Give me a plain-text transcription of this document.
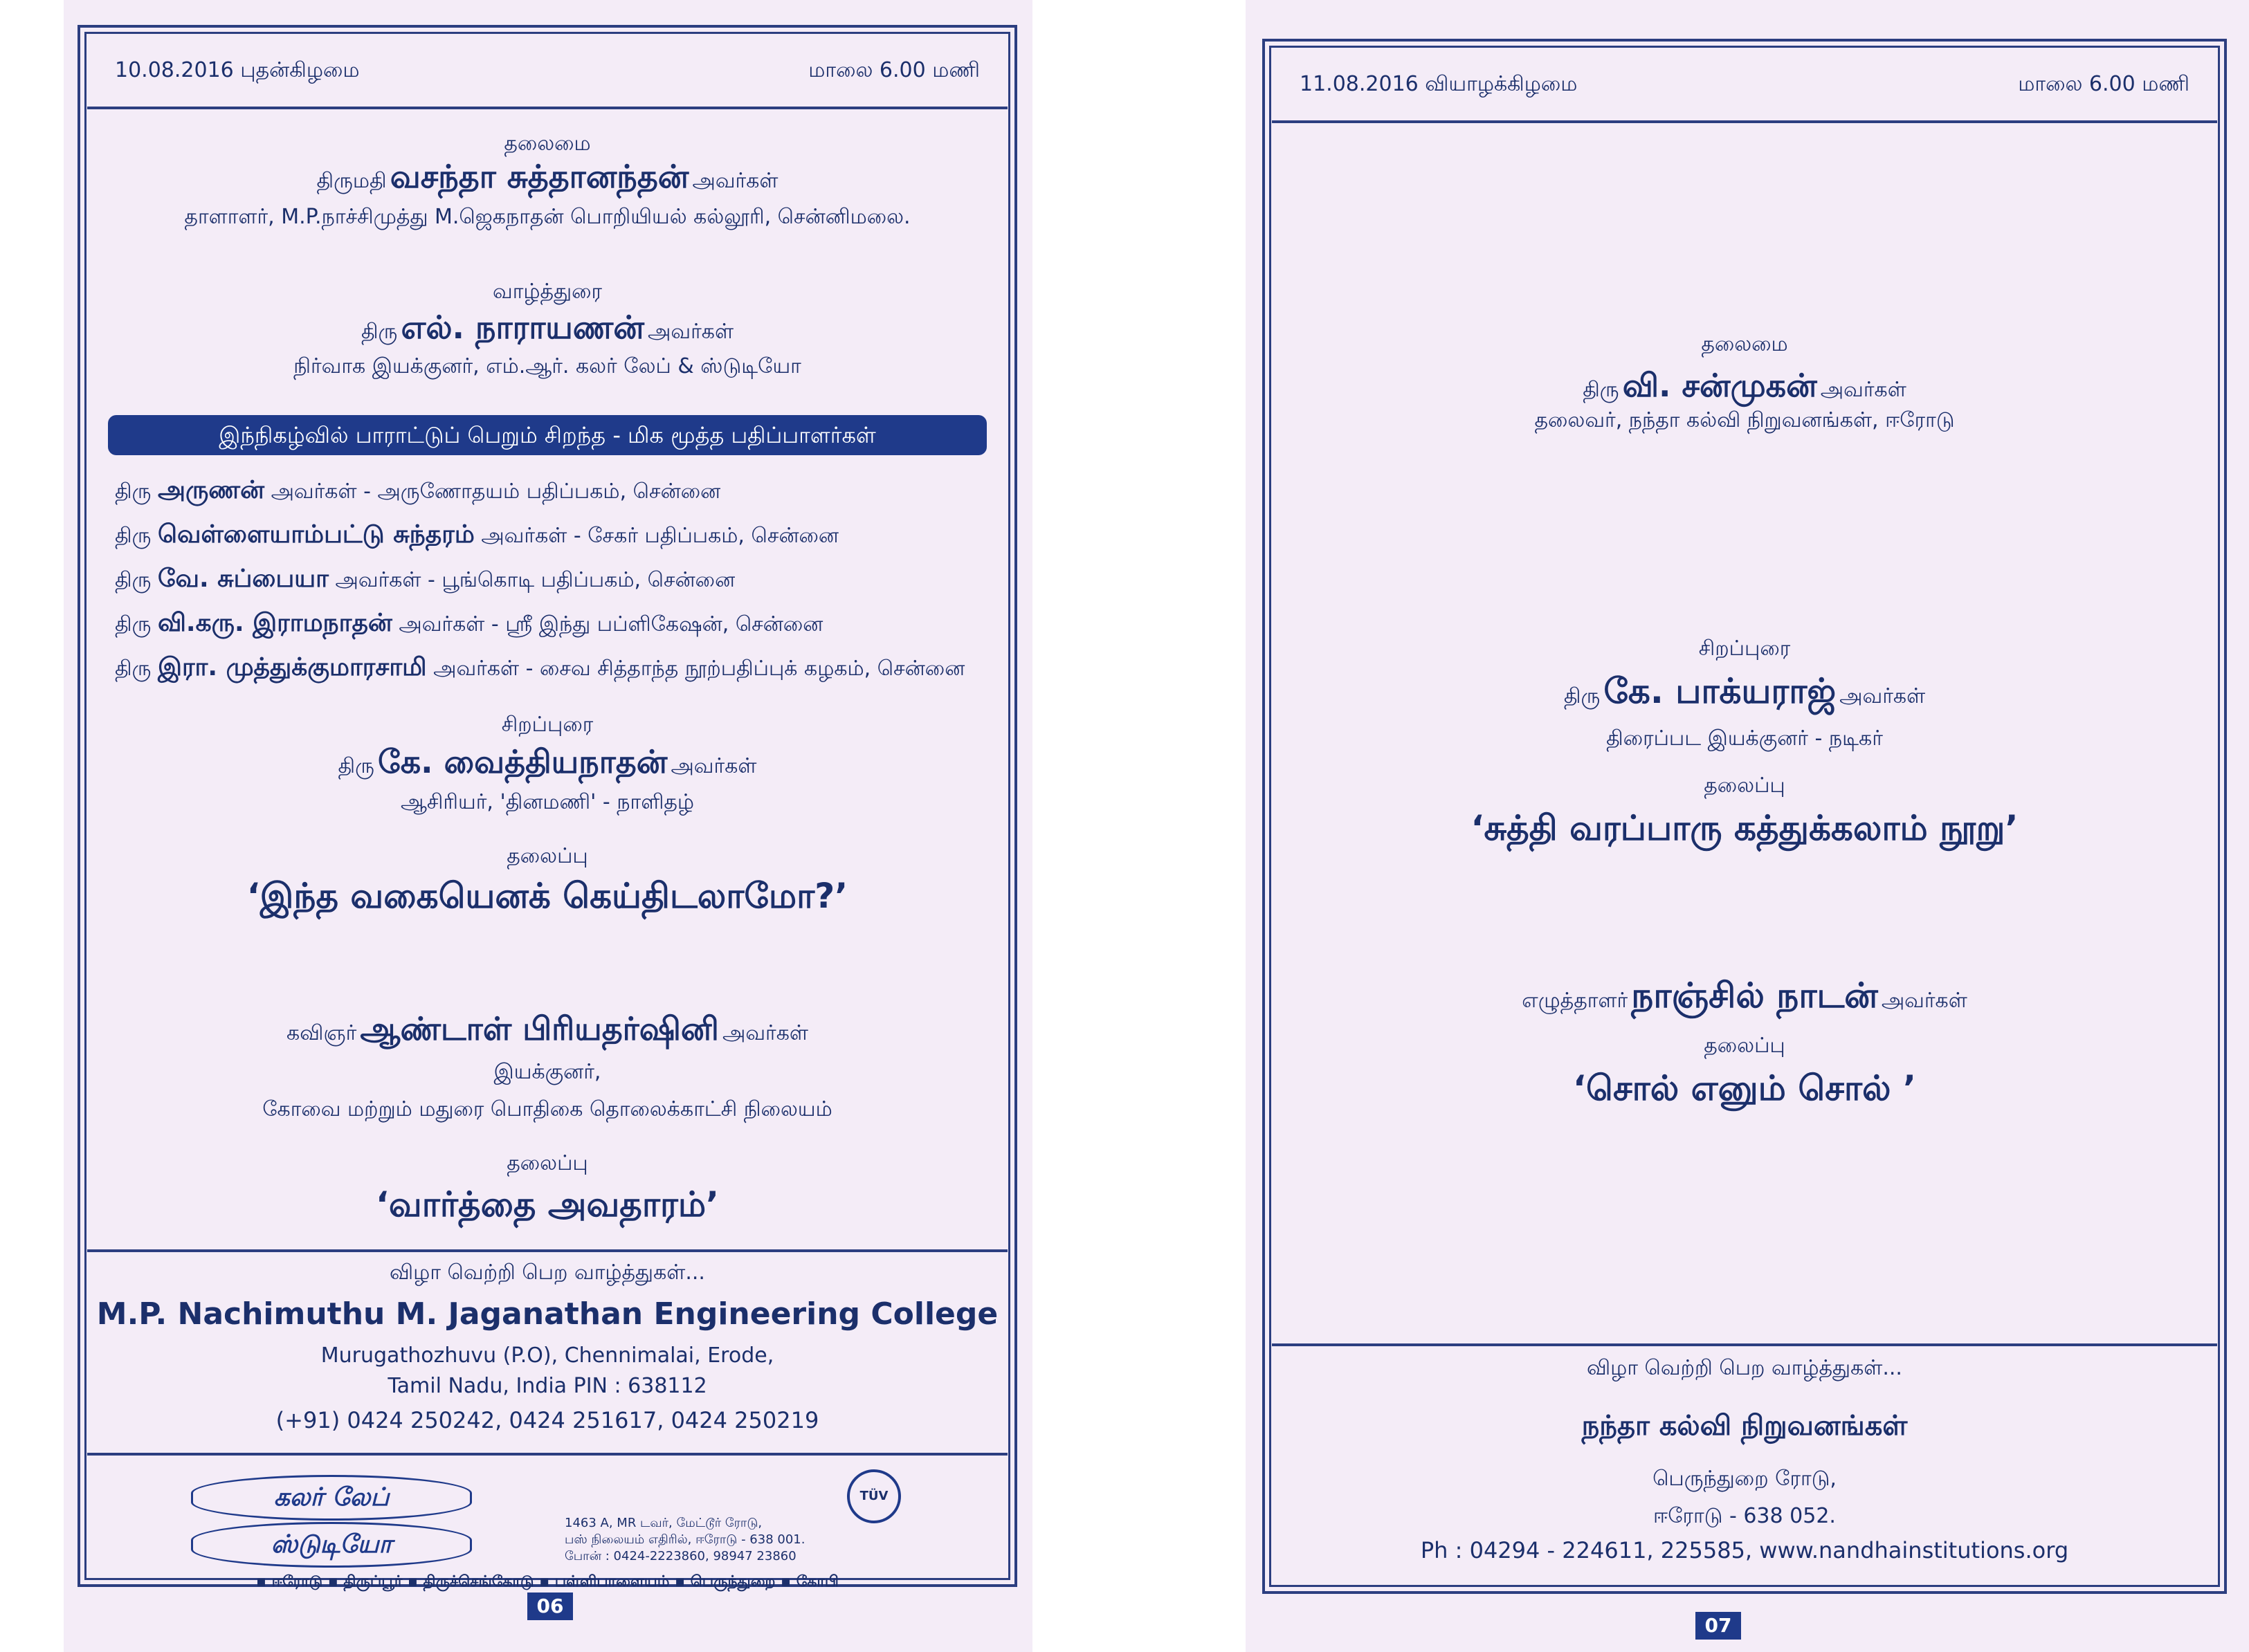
10.08.2016 புதன்கிழமை	மாலை 6.00 மணி
தலைமை
திருமதி வசந்தா சுத்தானந்தன் அவர்கள்
தாளாளர், M.P.நாச்சிமுத்து M.ஜெகநாதன் பொறியியல் கல்லூரி, சென்னிமலை.
வாழ்த்துரை
திரு எல். நாராயணன் அவர்கள்
நிர்வாக இயக்குனர், எம்.ஆர். கலர் லேப் & ஸ்டுடியோ
இந்நிகழ்வில் பாராட்டுப் பெறும் சிறந்த - மிக மூத்த பதிப்பாளர்கள்
திரு அருணன் அவர்கள் - அருணோதயம் பதிப்பகம், சென்னை
திரு வெள்ளையாம்பட்டு சுந்தரம் அவர்கள் - சேகர் பதிப்பகம், சென்னை
திரு வே. சுப்பையா அவர்கள் - பூங்கொடி பதிப்பகம், சென்னை
திரு வி.கரு. இராமநாதன் அவர்கள் - ஸ்ரீ இந்து பப்ளிகேஷன், சென்னை
திரு இரா. முத்துக்குமாரசாமி அவர்கள் - சைவ சித்தாந்த நூற்பதிப்புக் கழகம், சென்னை
சிறப்புரை
திரு கே. வைத்தியநாதன் அவர்கள்
ஆசிரியர், 'தினமணி' - நாளிதழ்
தலைப்பு
‘இந்த வகையெனக் கெய்திடலாமோ?’
கவிஞர் ஆண்டாள் பிரியதர்ஷினி அவர்கள்
இயக்குனர்,
கோவை மற்றும் மதுரை பொதிகை தொலைக்காட்சி நிலையம்
தலைப்பு
‘வார்த்தை அவதாரம்’
விழா வெற்றி பெற வாழ்த்துகள்...
M.P. Nachimuthu M. Jaganathan Engineering College
Murugathozhuvu (P.O), Chennimalai, Erode,
Tamil Nadu, India PIN : 638112
(+91) 0424 250242, 0424 251617, 0424 250219
கலர் லேப்
ஸ்டுடியோ
1463 A, MR டவர், மேட்டூர் ரோடு,
பஸ் நிலையம் எதிரில், ஈரோடு - 638 001.
போன் : 0424-2223860, 98947 23860
TÜV
▪ ஈரோடு ▪ திருப்பூர் ▪ திருச்செங்கோடு ▪ பள்ளிபாளையம் ▪ பெருந்துறை ▪ கோபி
06
11.08.2016 வியாழக்கிழமை	மாலை 6.00 மணி
தலைமை
திரு வி. சன்முகன் அவர்கள்
தலைவர், நந்தா கல்வி நிறுவனங்கள், ஈரோடு
சிறப்புரை
திரு கே. பாக்யராஜ் அவர்கள்
திரைப்பட இயக்குனர் - நடிகர்
தலைப்பு
‘சுத்தி வரப்பாரு கத்துக்கலாம் நூறு’
எழுத்தாளர் நாஞ்சில் நாடன் அவர்கள்
தலைப்பு
‘சொல் எனும் சொல் ’
விழா வெற்றி பெற வாழ்த்துகள்...
நந்தா கல்வி நிறுவனங்கள்
பெருந்துறை ரோடு,
ஈரோடு - 638 052.
Ph : 04294 - 224611, 225585, www.nandhainstitutions.org
07
